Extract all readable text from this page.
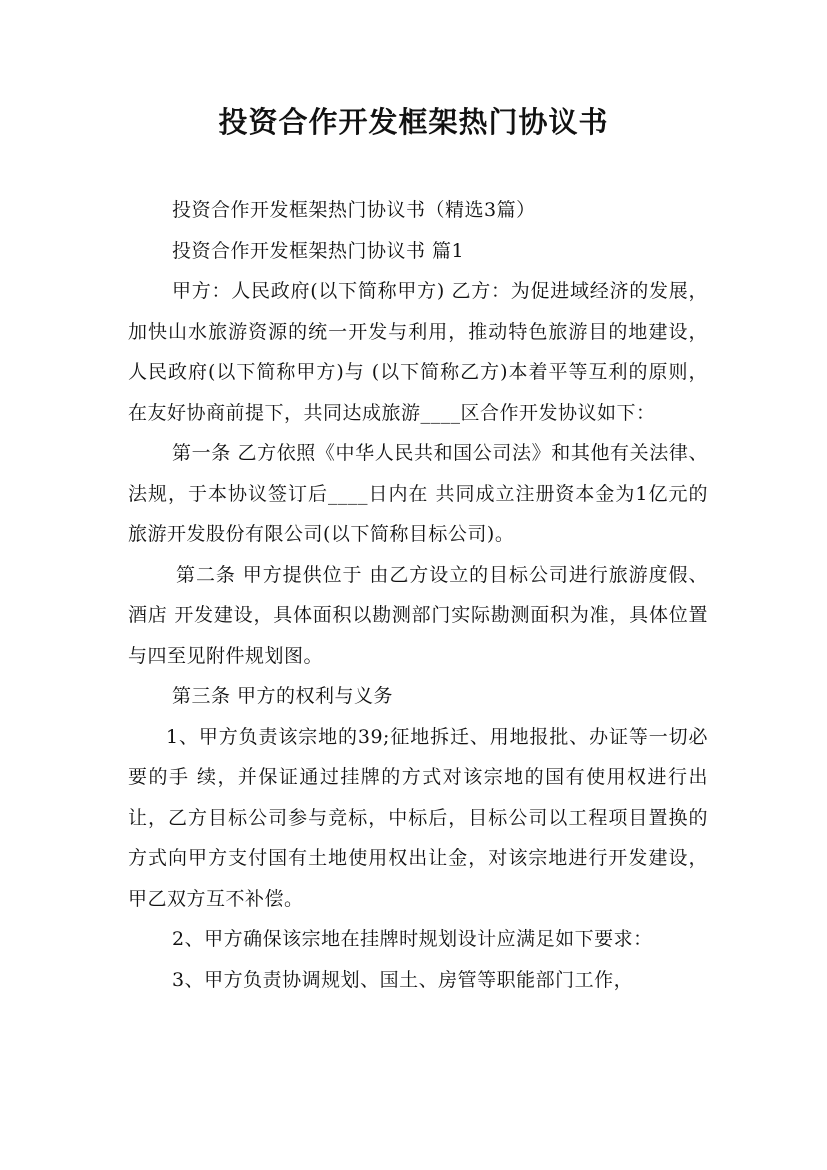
投资合作开发框架热门协议书

投资合作开发框架热门协议书（精选3篇）

投资合作开发框架热门协议书 篇1

甲方：人民政府(以下简称甲方) 乙方：为促进域经济的发展，加快山水旅游资源的统一开发与利用，推动特色旅游目的地建设，人民政府(以下简称甲方)与 (以下简称乙方)本着平等互利的原则，在友好协商前提下，共同达成旅游____区合作开发协议如下：

第一条 乙方依照《中华人民共和国公司法》和其他有关法律、法规，于本协议签订后____日内在 共同成立注册资本金为1亿元的 旅游开发股份有限公司(以下简称目标公司)。

第二条 甲方提供位于 由乙方设立的目标公司进行旅游度假、酒店 开发建设，具体面积以勘测部门实际勘测面积为准，具体位置与四至见附件规划图。

第三条 甲方的权利与义务

1、甲方负责该宗地的39;征地拆迁、用地报批、办证等一切必要的手 续，并保证通过挂牌的方式对该宗地的国有使用权进行出让，乙方目标公司参与竞标，中标后，目标公司以工程项目置换的方式向甲方支付国有土地使用权出让金，对该宗地进行开发建设，甲乙双方互不补偿。

2、甲方确保该宗地在挂牌时规划设计应满足如下要求：

3、甲方负责协调规划、国土、房管等职能部门工作，
